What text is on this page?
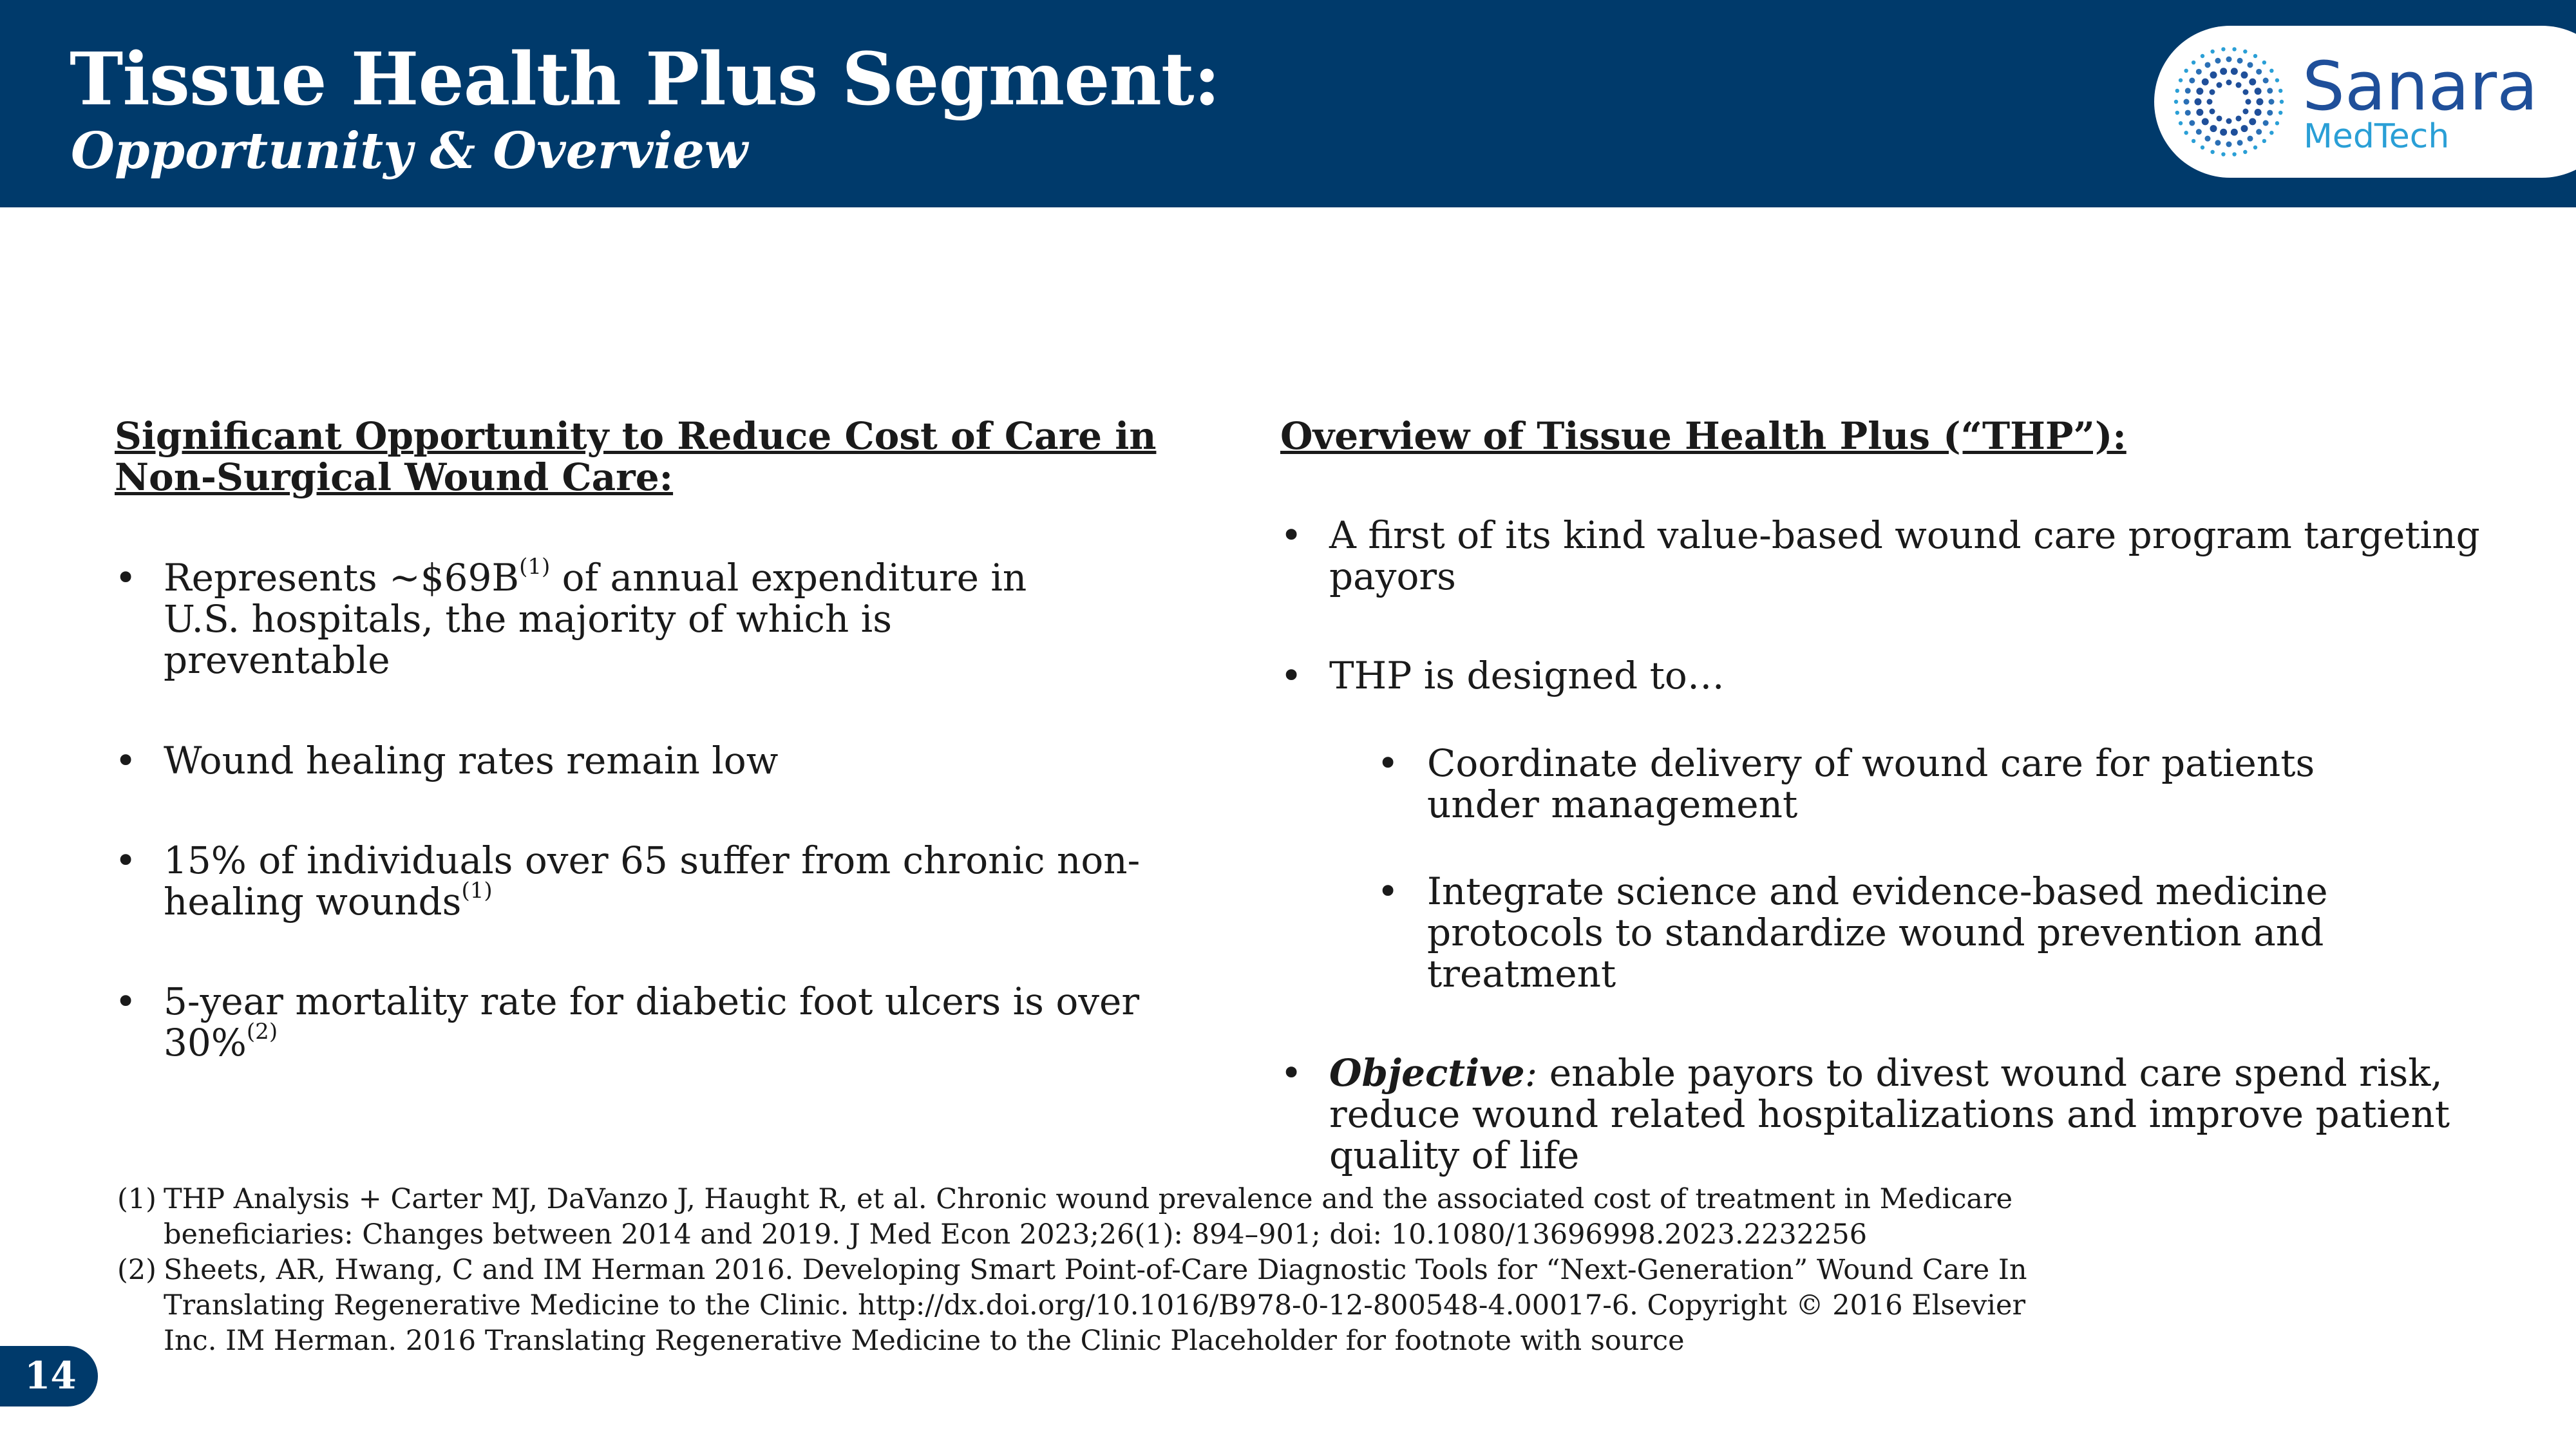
Tissue Health Plus Segment:
Opportunity & Overview
Sanara
MedTech

Significant Opportunity to Reduce Cost of Care in
Non-Surgical Wound Care:

• Represents $\sim\$69B^{(1)}$ of annual expenditure in U.S. hospitals, the majority of which is preventable
• Wound healing rates remain low
• 15% of individuals over 65 suffer from chronic non-healing wounds$^{(1)}$
• 5-year mortality rate for diabetic foot ulcers is over 30%$^{(2)}$

Overview of Tissue Health Plus (“THP”):

• A first of its kind value-based wound care program targeting payors
• THP is designed to…
• Coordinate delivery of wound care for patients under management
• Integrate science and evidence-based medicine protocols to standardize wound prevention and treatment
• Objective: enable payors to divest wound care spend risk, reduce wound related hospitalizations and improve patient quality of life

(1) THP Analysis + Carter MJ, DaVanzo J, Haught R, et al. Chronic wound prevalence and the associated cost of treatment in Medicare beneficiaries: Changes between 2014 and 2019. J Med Econ 2023;26(1): 894–901; doi: 10.1080/13696998.2023.2232256

(2) Sheets, AR, Hwang, C and IM Herman 2016. Developing Smart Point-of-Care Diagnostic Tools for “Next-Generation” Wound Care In Translating Regenerative Medicine to the Clinic. http://dx.doi.org/10.1016/B978-0-12-800548-4.00017-6. Copyright © 2016 Elsevier Inc. IM Herman. 2016 Translating Regenerative Medicine to the Clinic Placeholder for footnote with source

14
